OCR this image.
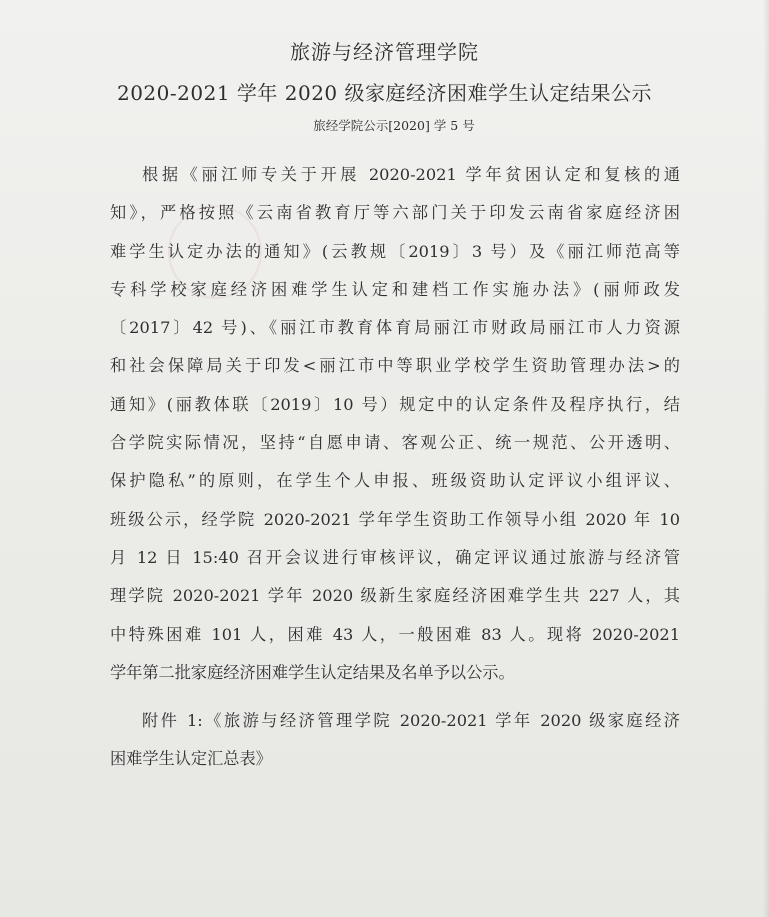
旅游与经济管理学院
2020-2021 学年 2020 级家庭经济困难学生认定结果公示
旅经学院公示[2020] 学 5 号
根据《丽江师专关于开展 2020-2021 学年贫困认定和复核的通
知》，严格按照《云南省教育厅等六部门关于印发云南省家庭经济困
难学生认定办法的通知》(云教规〔2019〕3 号）及《丽江师范高等
专科学校家庭经济困难学生认定和建档工作实施办法》(丽师政发
〔2017〕42 号)、《丽江市教育体育局丽江市财政局丽江市人力资源
和社会保障局关于印发<丽江市中等职业学校学生资助管理办法>的
通知》(丽教体联〔2019〕10 号）规定中的认定条件及程序执行，结
合学院实际情况，坚持“自愿申请、客观公正、统一规范、公开透明、
保护隐私”的原则，在学生个人申报、班级资助认定评议小组评议、
班级公示，经学院 2020-2021 学年学生资助工作领导小组 2020 年 10
月 12 日 15:40 召开会议进行审核评议，确定评议通过旅游与经济管
理学院 2020-2021 学年 2020 级新生家庭经济困难学生共 227 人，其
中特殊困难 101 人，困难 43 人，一般困难 83 人。现将 2020-2021
学年第二批家庭经济困难学生认定结果及名单予以公示。
附件 1:《旅游与经济管理学院 2020-2021 学年 2020 级家庭经济
困难学生认定汇总表》
